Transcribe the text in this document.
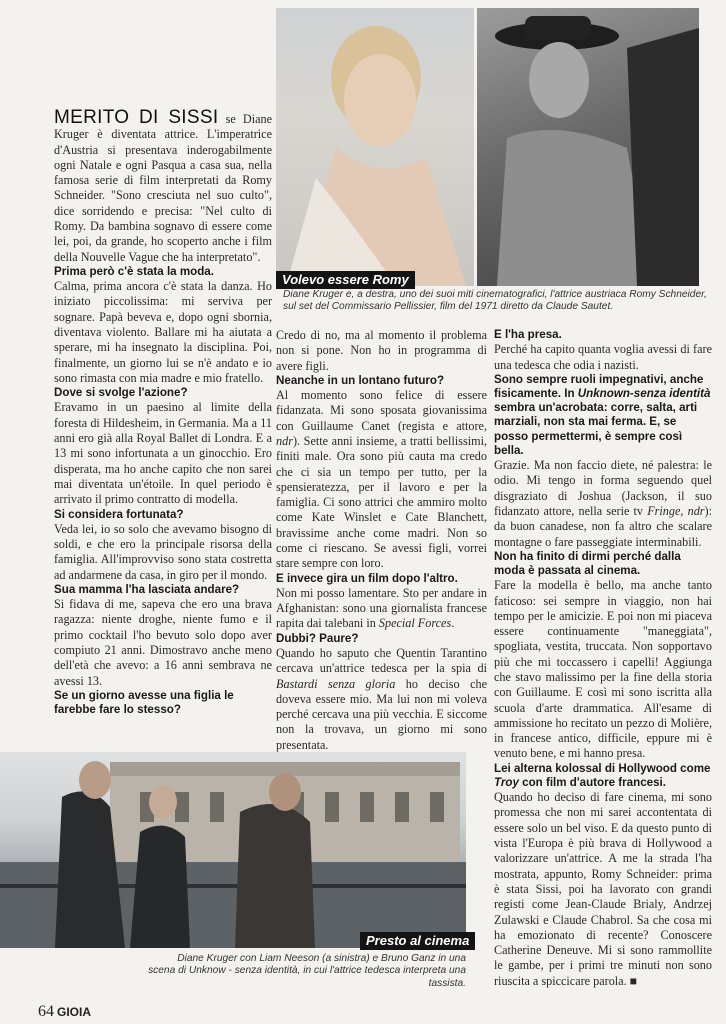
MERITO DI SISSI se Diane Kruger è diventata attrice. L'imperatrice d'Austria si presentava inderogabilmente ogni Natale e ogni Pasqua a casa sua, nella famosa serie di film interpretati da Romy Schneider. "Sono cresciuta nel suo culto", dice sorridendo e precisa: "Nel culto di Romy. Da bambina sognavo di essere come lei, poi, da grande, ho scoperto anche i film della Nouvelle Vague che ha interpretato".

Prima però c'è stata la moda.

Calma, prima ancora c'è stata la danza. Ho iniziato piccolissima: mi serviva per sognare. Papà beveva e, dopo ogni sbornia, diventava violento. Ballare mi ha aiutata a sperare, mi ha insegnato la disciplina. Poi, finalmente, un giorno lui se n'è andato e io sono rimasta con mia madre e mio fratello.

Dove si svolge l'azione?

Eravamo in un paesino al limite della foresta di Hildesheim, in Germania. Ma a 11 anni ero già alla Royal Ballet di Londra. E a 13 mi sono infortunata a un ginocchio. Ero disperata, ma ho anche capito che non sarei mai diventata un'étoile. In quel periodo è arrivato il primo contratto di modella.

Si considera fortunata?

Veda lei, io so solo che avevamo bisogno di soldi, e che ero la principale risorsa della famiglia. All'improvviso sono stata costretta ad andarmene da casa, in giro per il mondo.

Sua mamma l'ha lasciata andare?

Si fidava di me, sapeva che ero una brava ragazza: niente droghe, niente fumo e il primo cocktail l'ho bevuto solo dopo aver compiuto 21 anni. Dimostravo anche meno dell'età che avevo: a 16 anni sembrava ne avessi 13.

Se un giorno avesse una figlia le farebbe fare lo stesso?

Volevo essere Romy
Diane Kruger e, a destra, uno dei suoi miti cinematografici, l'attrice austriaca Romy Schneider, sul set del Commissario Pellissier, film del 1971 diretto da Claude Sautet.

Credo di no, ma al momento il problema non si pone. Non ho in programma di avere figli.

Neanche in un lontano futuro?

Al momento sono felice di essere fidanzata. Mi sono sposata giovanissima con Guillaume Canet (regista e attore, ndr). Sette anni insieme, a tratti bellissimi, finiti male. Ora sono più cauta ma credo che ci sia un tempo per tutto, per la spensieratezza, per il lavoro e per la famiglia. Ci sono attrici che ammiro molto come Kate Winslet e Cate Blanchett, bravissime anche come madri. Non so come ci riescano. Se avessi figli, vorrei stare sempre con loro.

E invece gira un film dopo l'altro.

Non mi posso lamentare. Sto per andare in Afghanistan: sono una giornalista francese rapita dai talebani in Special Forces.

Dubbi? Paure?

Quando ho saputo che Quentin Tarantino cercava un'attrice tedesca per la spia di Bastardi senza gloria ho deciso che doveva essere mio. Ma lui non mi voleva perché cercava una più vecchia. E siccome non la trovava, un giorno mi sono presentata.

E l'ha presa.

Perché ha capito quanta voglia avessi di fare una tedesca che odia i nazisti.

Sono sempre ruoli impegnativi, anche fisicamente. In Unknown-senza identità sembra un'acrobata: corre, salta, arti marziali, non sta mai ferma. E, se posso permettermi, è sempre così bella.

Grazie. Ma non faccio diete, né palestra: le odio. Mi tengo in forma seguendo quel disgraziato di Joshua (Jackson, il suo fidanzato attore, nella serie tv Fringe, ndr): da buon canadese, non fa altro che scalare montagne o fare passeggiate interminabili.

Non ha finito di dirmi perché dalla moda è passata al cinema.

Fare la modella è bello, ma anche tanto faticoso: sei sempre in viaggio, non hai tempo per le amicizie. E poi non mi piaceva essere continuamente "maneggiata", spogliata, vestita, truccata. Non sopportavo più che mi toccassero i capelli! Aggiunga che stavo malissimo per la fine della storia con Guillaume. E così mi sono iscritta alla scuola d'arte drammatica. All'esame di ammissione ho recitato un pezzo di Molière, in francese antico, difficile, eppure mi è venuto bene, e mi hanno presa.

Lei alterna kolossal di Hollywood come Troy con film d'autore francesi.

Quando ho deciso di fare cinema, mi sono promessa che non mi sarei accontentata di essere solo un bel viso. E da questo punto di vista l'Europa è più brava di Hollywood a valorizzare un'attrice. A me la strada l'ha mostrata, appunto, Romy Schneider: prima è stata Sissi, poi ha lavorato con grandi registi come Jean-Claude Brialy, Andrzej Zulawski e Claude Chabrol. Sa che cosa mi ha emozionato di recente? Conoscere Catherine Deneuve. Mi si sono rammollite le gambe, per i primi tre minuti non sono riuscita a spiccicare parola. ■

Presto al cinema
Diane Kruger con Liam Neeson (a sinistra) e Bruno Ganz in una scena di Unknow - senza identità, in cui l'attrice tedesca interpreta una tassista.
64 GIOIA
